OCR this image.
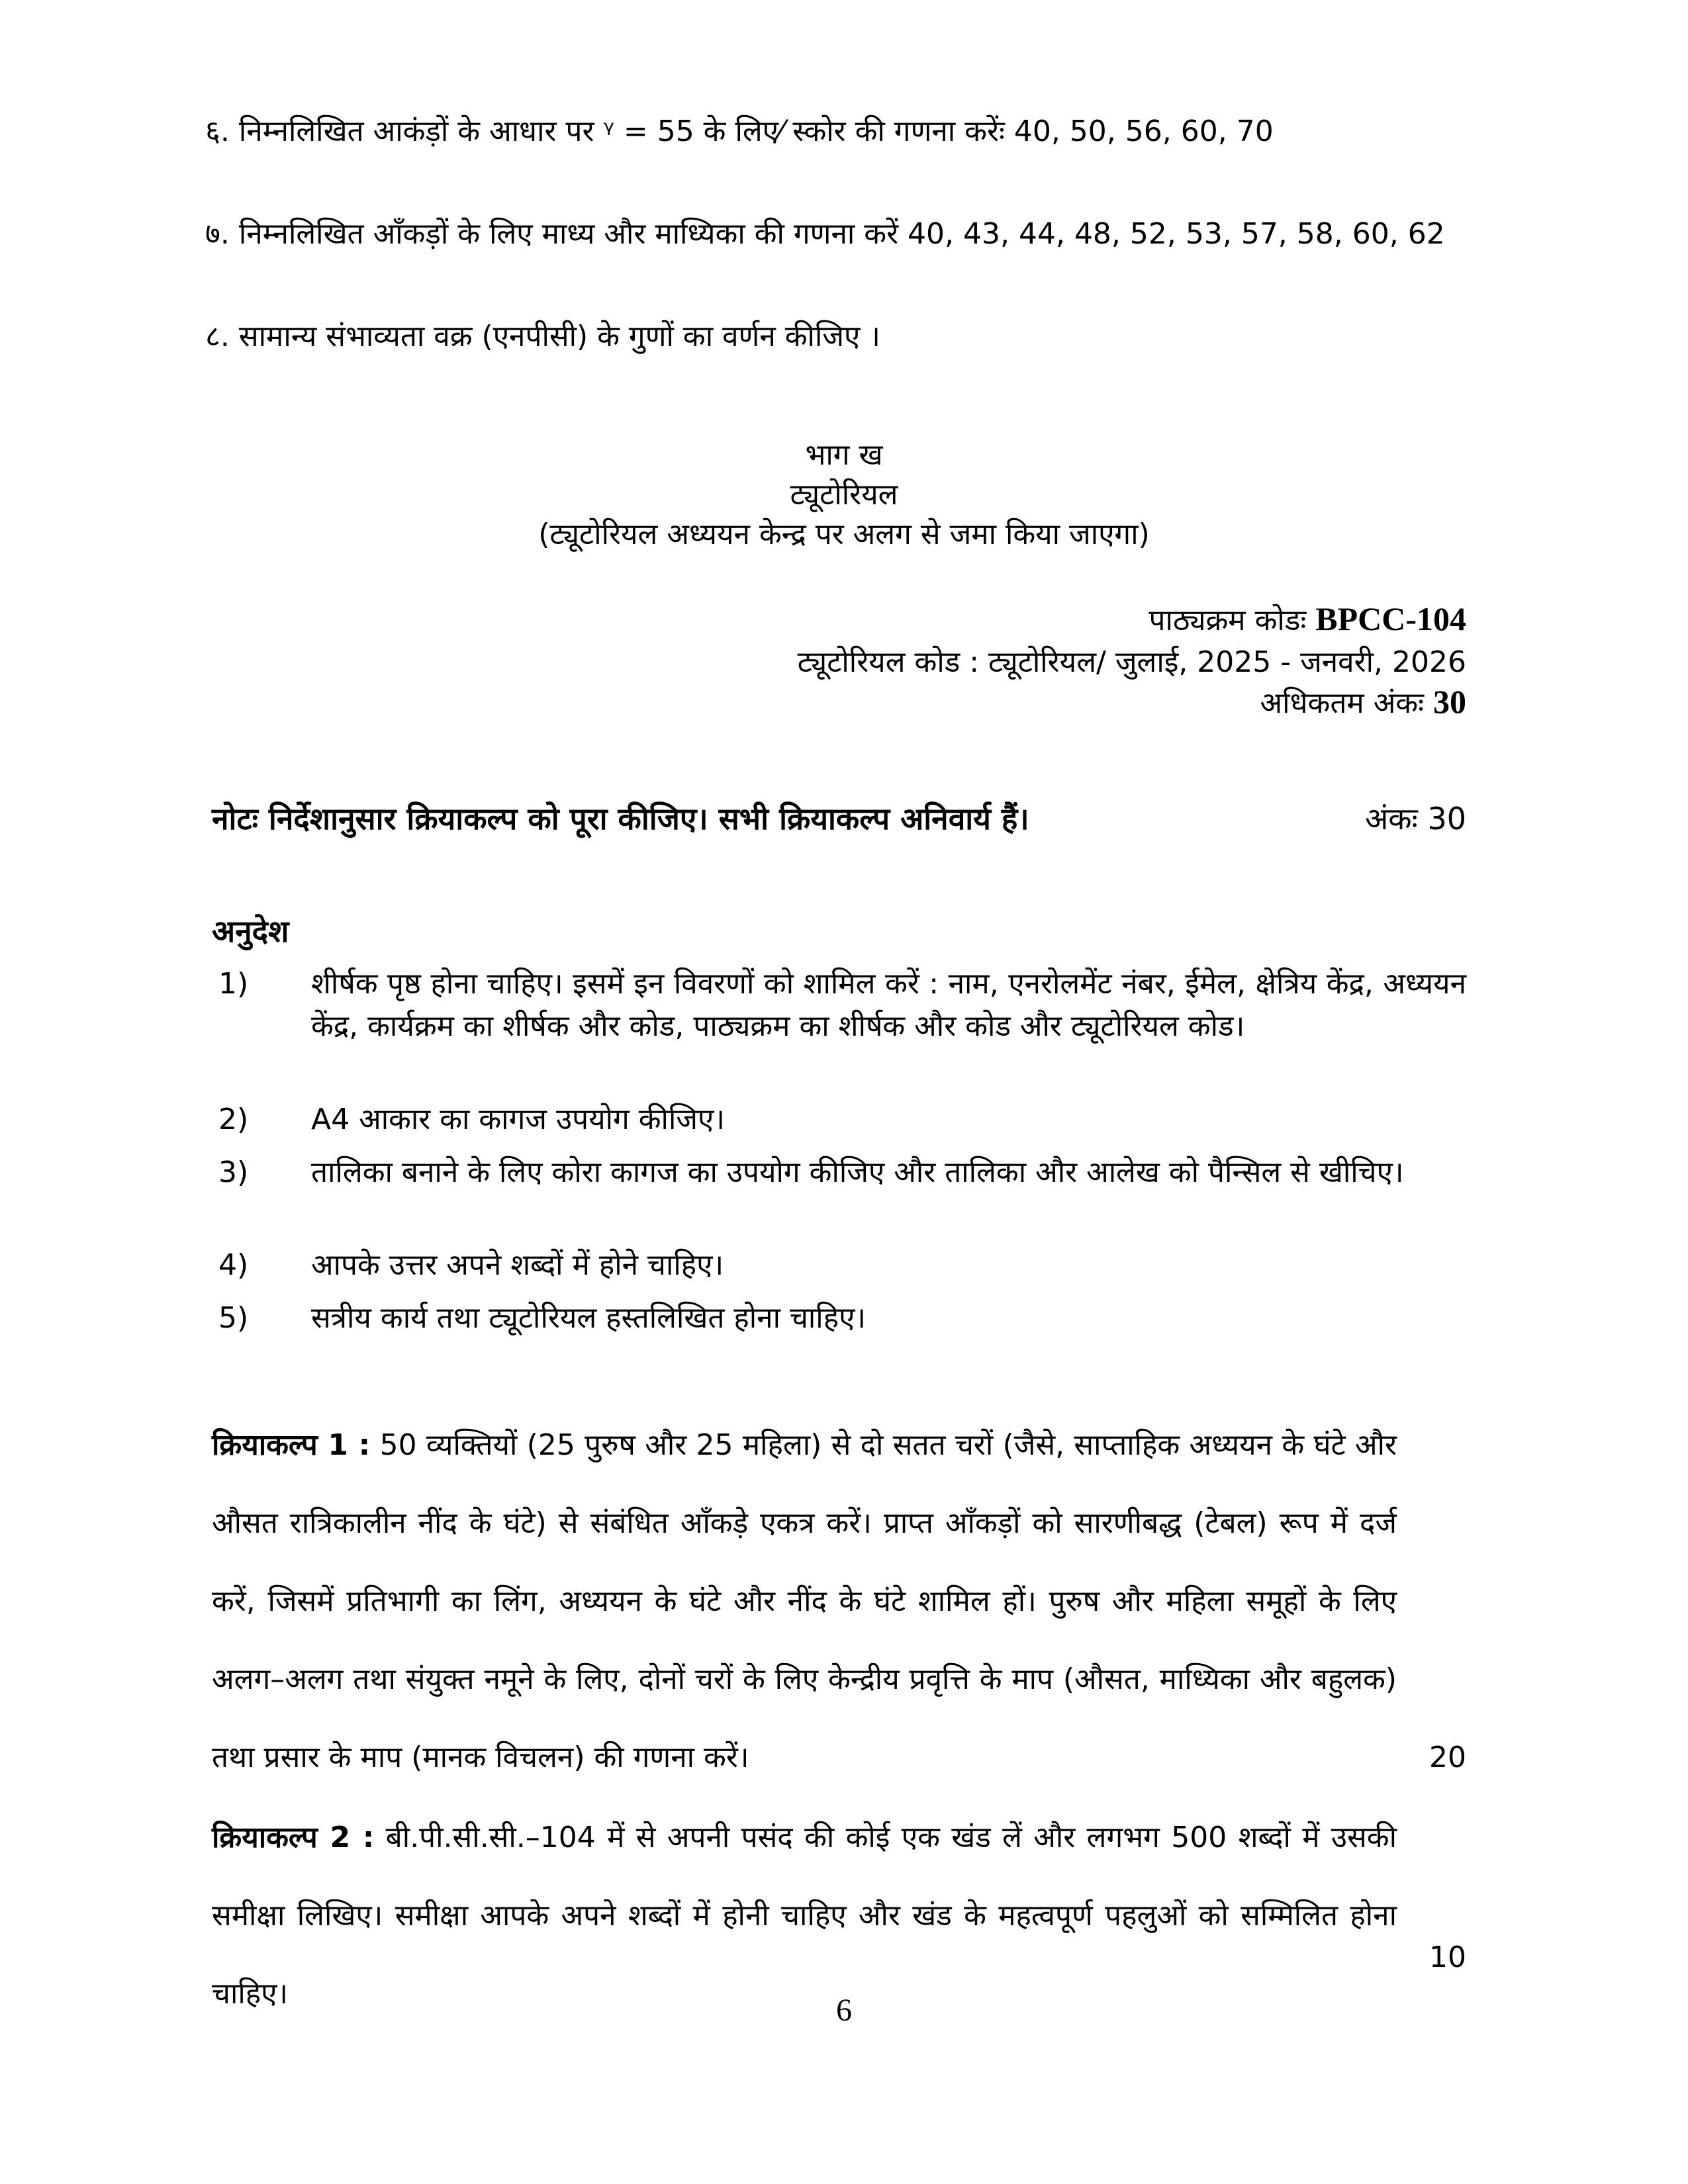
६. निम्नलिखित आकंड़ों के आधार पर ᵞ = 55 के लिए⁄ स्कोर की गणना करेंः 40, 50, 56, 60, 70
७. निम्नलिखित आँकड़ों के लिए माध्य और माध्यिका की गणना करें 40, 43, 44, 48, 52, 53, 57, 58, 60, 62
८. सामान्य संभाव्यता वक्र (एनपीसी) के गुणों का वर्णन कीजिए ।
भाग ख
ट्यूटोरियल
(ट्यूटोरियल अध्ययन केन्द्र पर अलग से जमा किया जाएगा)
पाठ्यक्रम कोडः BPCC-104
ट्यूटोरियल कोड : ट्यूटोरियल/ जुलाई, 2025 - जनवरी, 2026
अधिकतम अंकः 30
नोटः निर्देशानुसार क्रियाकल्प को पूरा कीजिए। सभी क्रियाकल्प अनिवार्य हैं।	अंकः 30
अनुदेश
1) शीर्षक पृष्ठ होना चाहिए। इसमें इन विवरणों को शामिल करें : नाम, एनरोलमेंट नंबर, ईमेल, क्षेत्रिय केंद्र, अध्ययन केंद्र, कार्यक्रम का शीर्षक और कोड, पाठ्यक्रम का शीर्षक और कोड और ट्यूटोरियल कोड।
2) A4 आकार का कागज उपयोग कीजिए।
3) तालिका बनाने के लिए कोरा कागज का उपयोग कीजिए और तालिका और आलेख को पैन्सिल से खीचिए।
4) आपके उत्तर अपने शब्दों में होने चाहिए।
5) सत्रीय कार्य तथा ट्यूटोरियल हस्तलिखित होना चाहिए।
क्रियाकल्प 1 : 50 व्यक्तियों (25 पुरुष और 25 महिला) से दो सतत चरों (जैसे, साप्ताहिक अध्ययन के घंटे और औसत रात्रिकालीन नींद के घंटे) से संबंधित आँकड़े एकत्र करें। प्राप्त आँकड़ों को सारणीबद्ध (टेबल) रूप में दर्ज करें, जिसमें प्रतिभागी का लिंग, अध्ययन के घंटे और नींद के घंटे शामिल हों। पुरुष और महिला समूहों के लिए अलग–अलग तथा संयुक्त नमूने के लिए, दोनों चरों के लिए केन्द्रीय प्रवृत्ति के माप (औसत, माध्यिका और बहुलक) तथा प्रसार के माप (मानक विचलन) की गणना करें।	20
क्रियाकल्प 2 : बी.पी.सी.सी.–104 में से अपनी पसंद की कोई एक खंड लें और लगभग 500 शब्दों में उसकी समीक्षा लिखिए। समीक्षा आपके अपने शब्दों में होनी चाहिए और खंड के महत्वपूर्ण पहलुओं को सम्मिलित होना चाहिए।
10
6
